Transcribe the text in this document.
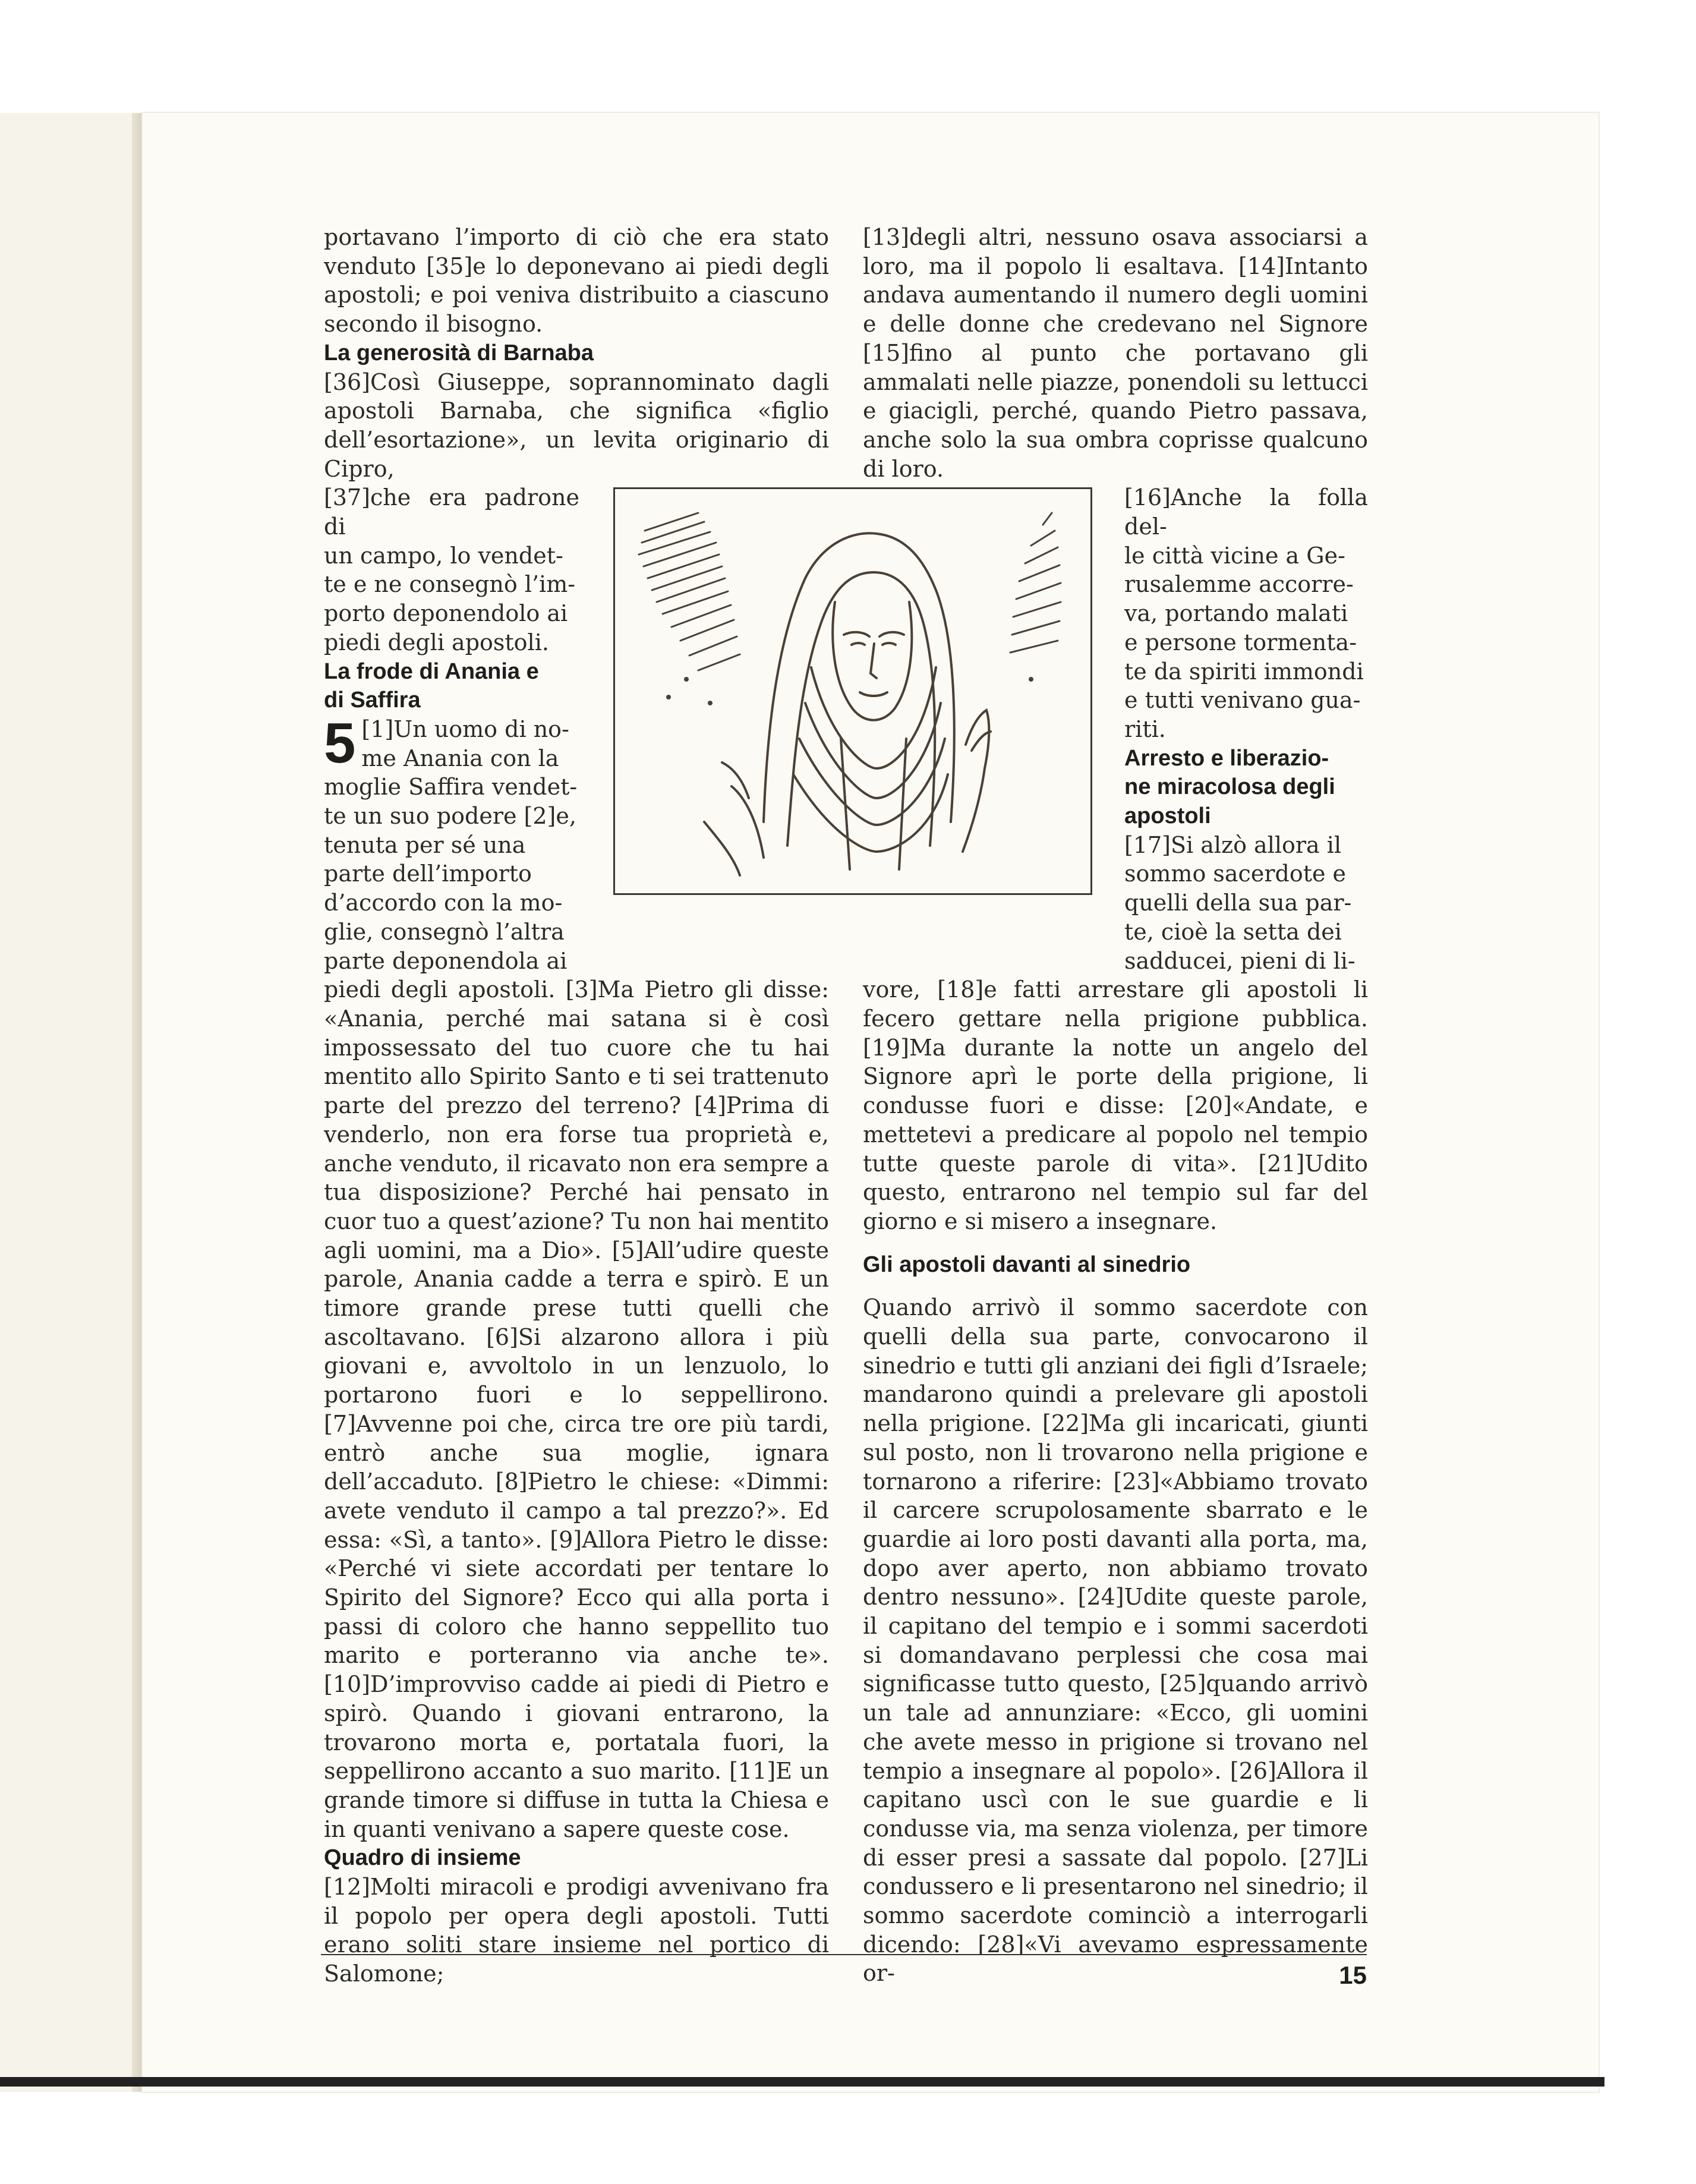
portavano l’importo di ciò che era stato venduto [35]e lo deponevano ai piedi degli apostoli; e poi veniva distribuito a ciascuno secondo il bisogno.

La generosità di Barnaba

[36]Così Giuseppe, soprannominato dagli apostoli Barnaba, che significa «figlio dell’esortazione», un levita originario di Cipro,

[37]che era padrone di
un campo, lo vendet-
te e ne consegnò l’im-
porto deponendolo ai
piedi degli apostoli.
La frode di Anania e
di Saffira
5 [1]Un uomo di no-
me Anania con la
moglie Saffira vendet-
te un suo podere [2]e,
tenuta per sé una
parte dell’importo
d’accordo con la mo-
glie, consegnò l’altra
parte deponendola ai

piedi degli apostoli. [3]Ma Pietro gli disse: «Anania, perché mai satana si è così impossessato del tuo cuore che tu hai mentito allo Spirito Santo e ti sei trattenuto parte del prezzo del terreno? [4]Prima di venderlo, non era forse tua proprietà e, anche venduto, il ricavato non era sempre a tua disposizione? Perché hai pensato in cuor tuo a quest’azione? Tu non hai mentito agli uomini, ma a Dio». [5]All’udire queste parole, Anania cadde a terra e spirò. E un timore grande prese tutti quelli che ascoltavano. [6]Si alzarono allora i più giovani e, avvoltolo in un lenzuolo, lo portarono fuori e lo seppellirono. [7]Avvenne poi che, circa tre ore più tardi, entrò anche sua moglie, ignara dell’accaduto. [8]Pietro le chiese: «Dimmi: avete venduto il campo a tal prezzo?». Ed essa: «Sì, a tanto». [9]Allora Pietro le disse: «Perché vi siete accordati per tentare lo Spirito del Signore? Ecco qui alla porta i passi di coloro che hanno seppellito tuo marito e porteranno via anche te». [10]D’improvviso cadde ai piedi di Pietro e spirò. Quando i giovani entrarono, la trovarono morta e, portatala fuori, la seppellirono accanto a suo marito. [11]E un grande timore si diffuse in tutta la Chiesa e in quanti venivano a sapere queste cose.

Quadro di insieme

[12]Molti miracoli e prodigi avvenivano fra il popolo per opera degli apostoli. Tutti erano soliti stare insieme nel portico di Salomone;

[13]degli altri, nessuno osava associarsi a loro, ma il popolo li esaltava. [14]Intanto andava aumentando il numero degli uomini e delle donne che credevano nel Signore [15]fino al punto che portavano gli ammalati nelle piazze, ponendoli su lettucci e giacigli, perché, quando Pietro passava, anche solo la sua ombra coprisse qualcuno di loro.

[16]Anche la folla del-
le città vicine a Ge-
rusalemme accorre-
va, portando malati
e persone tormenta-
te da spiriti immondi
e tutti venivano gua-
riti.
Arresto e liberazio-
ne miracolosa degli
apostoli
[17]Si alzò allora il
sommo sacerdote e
quelli della sua par-
te, cioè la setta dei
sadducei, pieni di li-

vore, [18]e fatti arrestare gli apostoli li fecero gettare nella prigione pubblica. [19]Ma durante la notte un angelo del Signore aprì le porte della prigione, li condusse fuori e disse: [20]«Andate, e mettetevi a predicare al popolo nel tempio tutte queste parole di vita». [21]Udito questo, entrarono nel tempio sul far del giorno e si misero a insegnare.

Gli apostoli davanti al sinedrio

Quando arrivò il sommo sacerdote con quelli della sua parte, convocarono il sinedrio e tutti gli anziani dei figli d’Israele; mandarono quindi a prelevare gli apostoli nella prigione. [22]Ma gli incaricati, giunti sul posto, non li trovarono nella prigione e tornarono a riferire: [23]«Abbiamo trovato il carcere scrupolosamente sbarrato e le guardie ai loro posti davanti alla porta, ma, dopo aver aperto, non abbiamo trovato dentro nessuno». [24]Udite queste parole, il capitano del tempio e i sommi sacerdoti si domandavano perplessi che cosa mai significasse tutto questo, [25]quando arrivò un tale ad annunziare: «Ecco, gli uomini che avete messo in prigione si trovano nel tempio a insegnare al popolo». [26]Allora il capitano uscì con le sue guardie e li condusse via, ma senza violenza, per timore di esser presi a sassate dal popolo. [27]Li condussero e li presentarono nel sinedrio; il sommo sacerdote cominciò a interrogarli dicendo: [28]«Vi avevamo espressamente or-	15
